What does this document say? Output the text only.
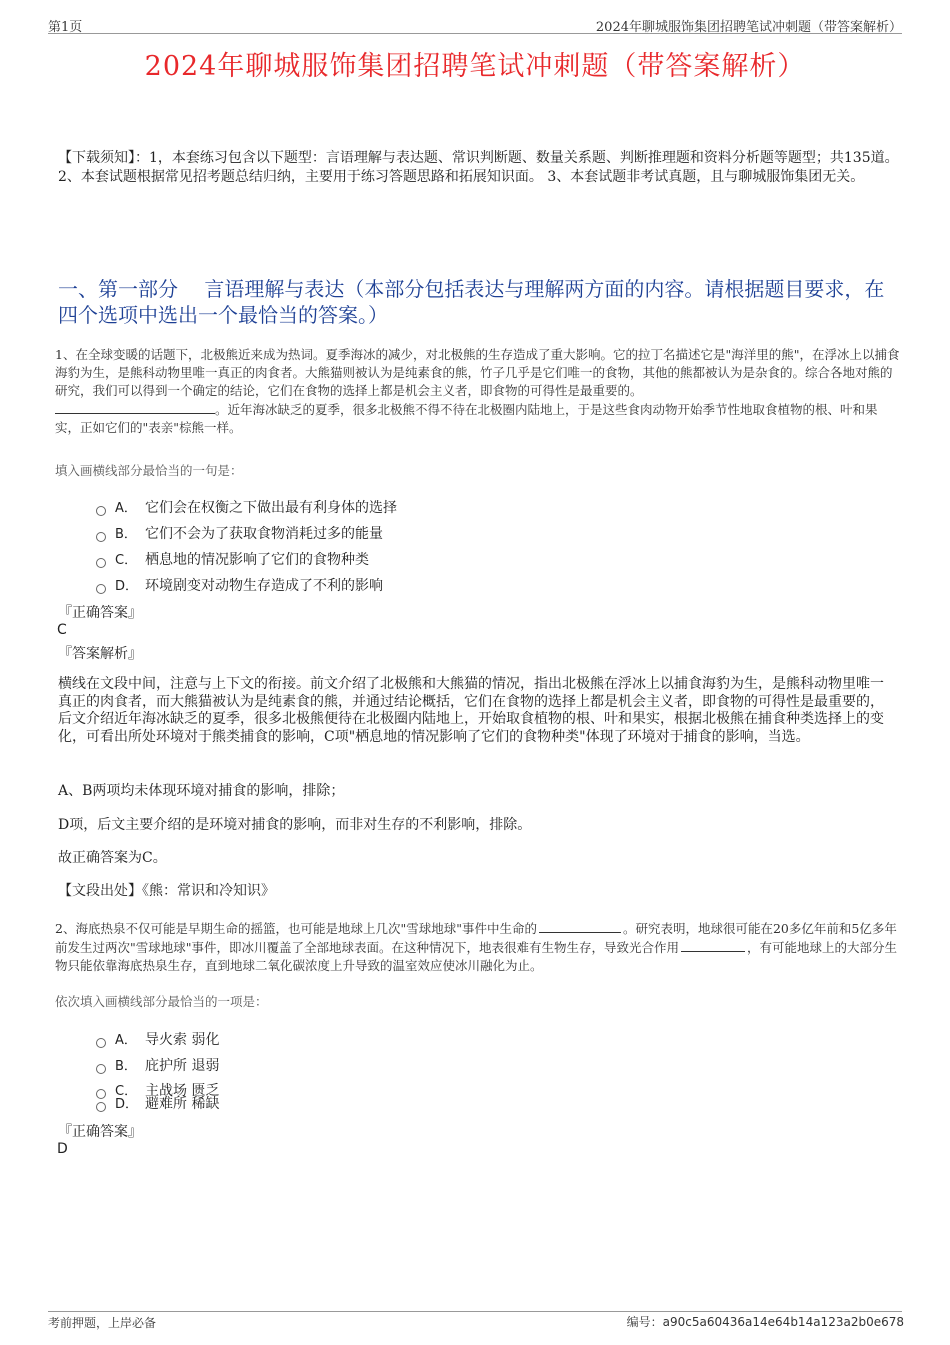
第1页	2024年聊城服饰集团招聘笔试冲刺题（带答案解析）
2024年聊城服饰集团招聘笔试冲刺题（带答案解析）
【下载须知】：1，本套练习包含以下题型：言语理解与表达题、常识判断题、数量关系题、判断推理题和资料分析题等题型；共135道。 2、本套试题根据常见招考题总结归纳，主要用于练习答题思路和拓展知识面。 3、本套试题非考试真题，且与聊城服饰集团无关。
一、第一部分　 言语理解与表达（本部分包括表达与理解两方面的内容。请根据题目要求，在四个选项中选出一个最恰当的答案。）
1、在全球变暖的话题下，北极熊近来成为热词。夏季海冰的减少，对北极熊的生存造成了重大影响。它的拉丁名描述它是"海洋里的熊"，在浮冰上以捕食海豹为生，是熊科动物里唯一真正的肉食者。大熊猫则被认为是纯素食的熊，竹子几乎是它们唯一的食物，其他的熊都被认为是杂食的。综合各地对熊的研究，我们可以得到一个确定的结论，它们在食物的选择上都是机会主义者，即食物的可得性是最重要的。
。近年海冰缺乏的夏季，很多北极熊不得不待在北极圈内陆地上，于是这些食肉动物开始季节性地取食植物的根、叶和果实，正如它们的"表亲"棕熊一样。
填入画横线部分最恰当的一句是：
A． 它们会在权衡之下做出最有利身体的选择
B． 它们不会为了获取食物消耗过多的能量
C． 栖息地的情况影响了它们的食物种类
D． 环境剧变对动物生存造成了不利的影响
『正确答案』
C
『答案解析』
横线在文段中间，注意与上下文的衔接。前文介绍了北极熊和大熊猫的情况，指出北极熊在浮冰上以捕食海豹为生，是熊科动物里唯一真正的肉食者，而大熊猫被认为是纯素食的熊，并通过结论概括，它们在食物的选择上都是机会主义者，即食物的可得性是最重要的，后文介绍近年海冰缺乏的夏季，很多北极熊便待在北极圈内陆地上，开始取食植物的根、叶和果实，根据北极熊在捕食种类选择上的变化，可看出所处环境对于熊类捕食的影响，C项"栖息地的情况影响了它们的食物种类"体现了环境对于捕食的影响，当选。
A、B两项均未体现环境对捕食的影响，排除；
D项，后文主要介绍的是环境对捕食的影响，而非对生存的不利影响，排除。
故正确答案为C。
【文段出处】《熊：常识和冷知识》
2、海底热泉不仅可能是早期生命的摇篮，也可能是地球上几次"雪球地球"事件中生命的	。研究表明，地球很可能在20多亿年前和5亿多年前发生过两次"雪球地球"事件，即冰川覆盖了全部地球表面。在这种情况下，地表很难有生物生存，导致光合作用	，有可能地球上的大部分生物只能依靠海底热泉生存，直到地球二氧化碳浓度上升导致的温室效应使冰川融化为止。
依次填入画横线部分最恰当的一项是：
A． 导火索 弱化
B． 庇护所 退弱
C． 主战场 匮乏
D． 避难所 稀缺
『正确答案』
D
考前押题，上岸必备	编号：a90c5a60436a14e64b14a123a2b0e678
